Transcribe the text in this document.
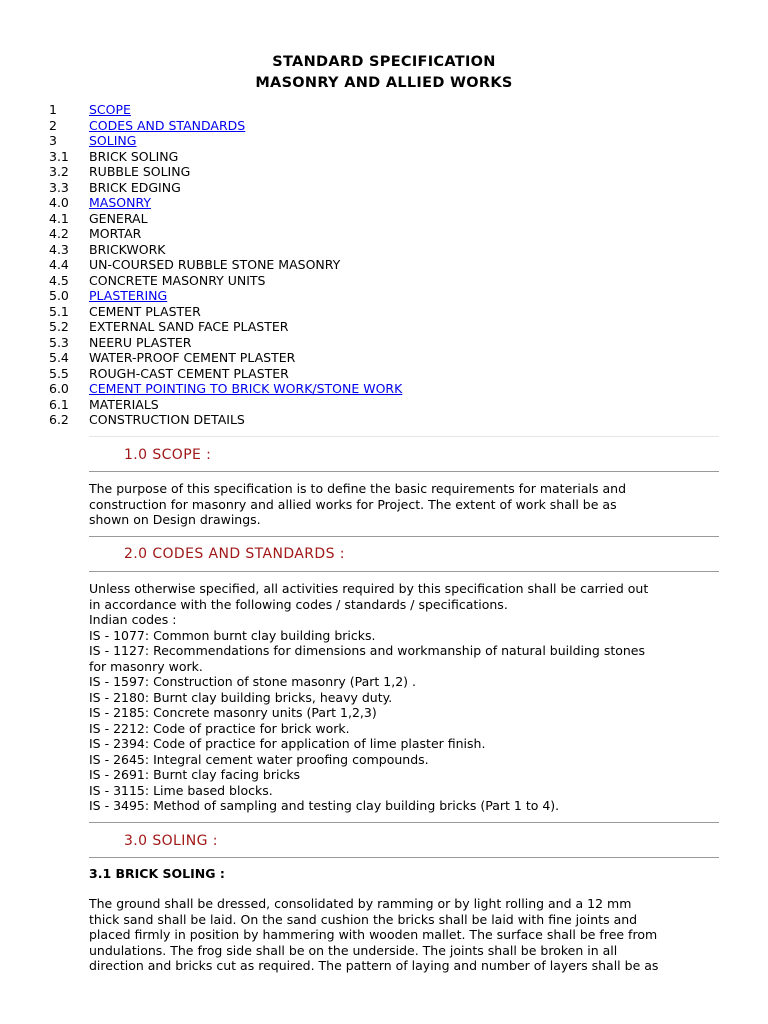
STANDARD SPECIFICATION
MASONRY AND ALLIED WORKS
1	SCOPE
2	CODES AND STANDARDS
3	SOLING
3.1 BRICK SOLING
3.2 RUBBLE SOLING
3.3 BRICK EDGING
4.0 MASONRY
4.1 GENERAL
4.2 MORTAR
4.3 BRICKWORK
4.4 UN-COURSED RUBBLE STONE MASONRY
4.5 CONCRETE MASONRY UNITS
5.0 PLASTERING
5.1 CEMENT PLASTER
5.2 EXTERNAL SAND FACE PLASTER
5.3 NEERU PLASTER
5.4 WATER-PROOF CEMENT PLASTER
5.5 ROUGH-CAST CEMENT PLASTER
6.0 CEMENT POINTING TO BRICK WORK/STONE WORK
6.1 MATERIALS
6.2 CONSTRUCTION DETAILS
1.0 SCOPE :
The purpose of this specification is to define the basic requirements for materials and
construction for masonry and allied works for Project. The extent of work shall be as
shown on Design drawings.
2.0 CODES AND STANDARDS :
Unless otherwise specified, all activities required by this specification shall be carried out
in accordance with the following codes / standards / specifications.
Indian codes :
IS - 1077: Common burnt clay building bricks.
IS - 1127: Recommendations for dimensions and workmanship of natural building stones
for masonry work.
IS - 1597: Construction of stone masonry (Part 1,2) .
IS - 2180: Burnt clay building bricks, heavy duty.
IS - 2185: Concrete masonry units (Part 1,2,3)
IS - 2212: Code of practice for brick work.
IS - 2394: Code of practice for application of lime plaster finish.
IS - 2645: Integral cement water proofing compounds.
IS - 2691: Burnt clay facing bricks
IS - 3115: Lime based blocks.
IS - 3495: Method of sampling and testing clay building bricks (Part 1 to 4).
3.0 SOLING :
3.1 BRICK SOLING :
The ground shall be dressed, consolidated by ramming or by light rolling and a 12 mm
thick sand shall be laid. On the sand cushion the bricks shall be laid with fine joints and
placed firmly in position by hammering with wooden mallet. The surface shall be free from
undulations. The frog side shall be on the underside. The joints shall be broken in all
direction and bricks cut as required. The pattern of laying and number of layers shall be as
